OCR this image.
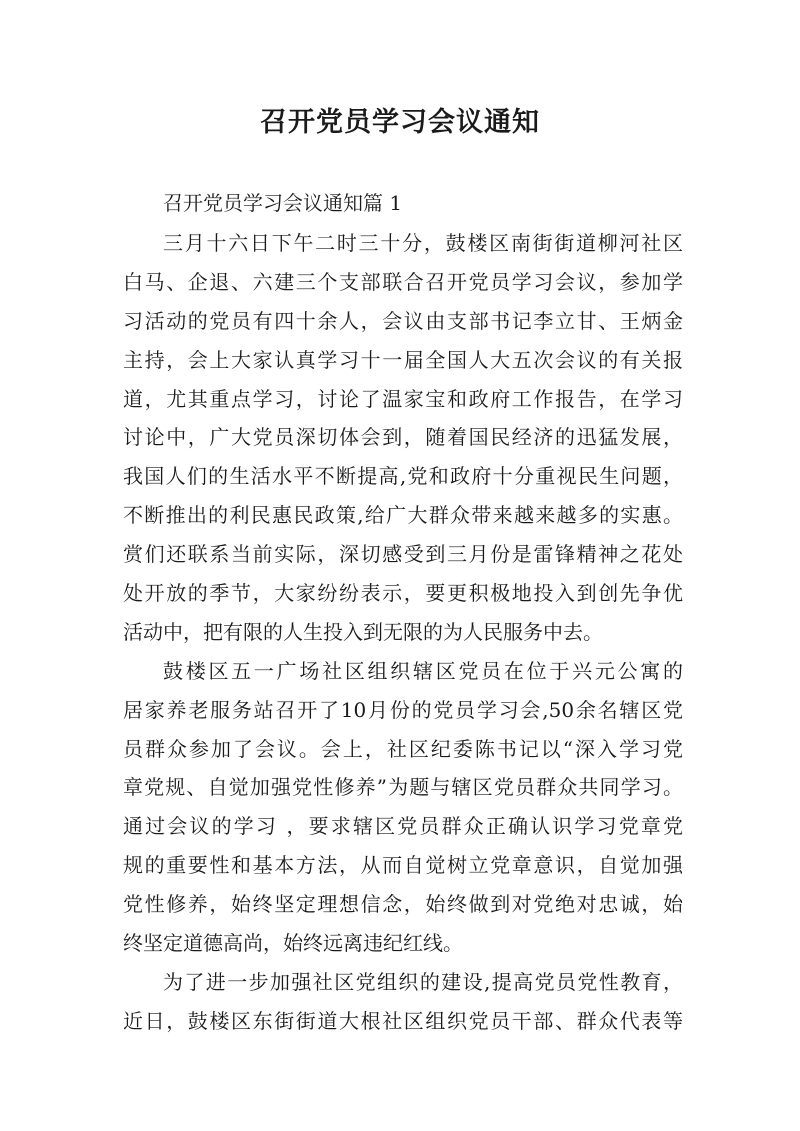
召开党员学习会议通知

召开党员学习会议通知篇 1

三月十六日下午二时三十分，鼓楼区南街街道柳河社区
白马、企退、六建三个支部联合召开党员学习会议，参加学
习活动的党员有四十余人，会议由支部书记李立甘、王炳金
主持，会上大家认真学习十一届全国人大五次会议的有关报
道，尤其重点学习，讨论了温家宝和政府工作报告，在学习
讨论中，广大党员深切体会到，随着国民经济的迅猛发展，
我国人们的生活水平不断提高,党和政府十分重视民生问题，
不断推出的利民惠民政策,给广大群众带来越来越多的实惠。
赏们还联系当前实际，深切感受到三月份是雷锋精神之花处
处开放的季节，大家纷纷表示，要更积极地投入到创先争优
活动中，把有限的人生投入到无限的为人民服务中去。
鼓楼区五一广场社区组织辖区党员在位于兴元公寓的
居家养老服务站召开了10月份的党员学习会,50余名辖区党
员群众参加了会议。会上，社区纪委陈书记以“深入学习党
章党规、自觉加强党性修养”为题与辖区党员群众共同学习。
通过会议的学习 ，要求辖区党员群众正确认识学习党章党
规的重要性和基本方法，从而自觉树立党章意识，自觉加强
党性修养，始终坚定理想信念，始终做到对党绝对忠诚，始
终坚定道德高尚，始终远离违纪红线。
为了进一步加强社区党组织的建设,提高党员党性教育，
近日，鼓楼区东街街道大根社区组织党员干部、群众代表等
